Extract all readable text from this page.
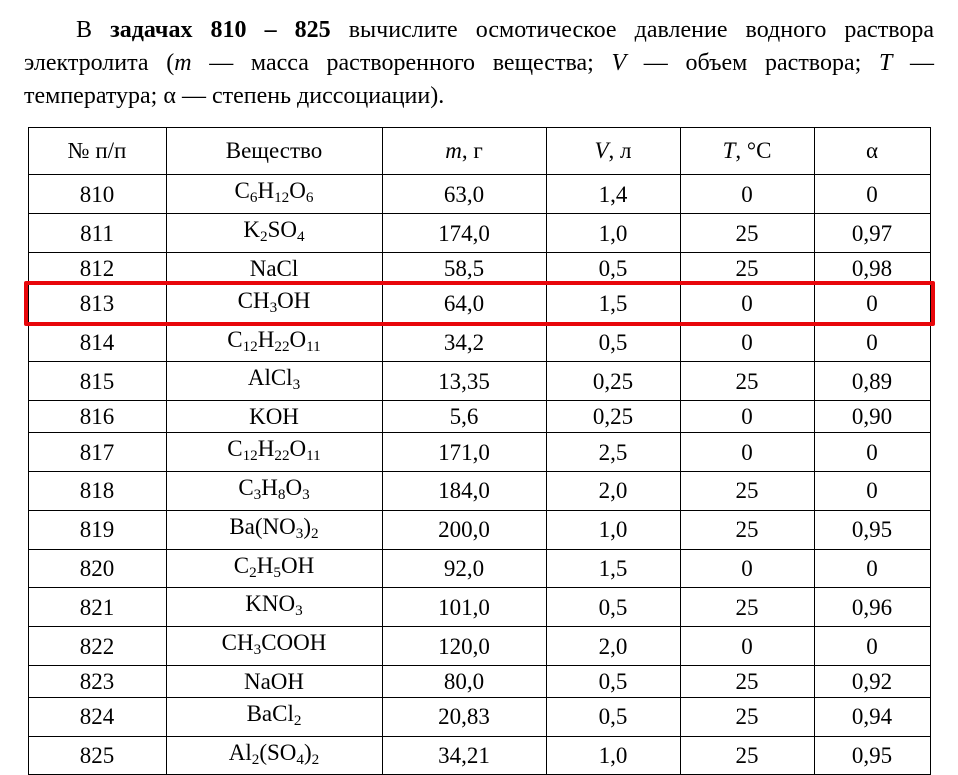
В задачах 810 – 825 вычислите осмотическое давление водного раствора электролита (m — масса растворенного вещества; V — объем раствора; T — температура; α — степень диссоциации).

№ п/п	Вещество	m, г	V, л	T, °C	α
810	$C_6H_{12}O_6$	63,0	1,4	0	0
811	$K_2SO_4$	174,0	1,0	25	0,97
812	NaCl	58,5	0,5	25	0,98
813	$CH_3OH$	64,0	1,5	0	0
814	$C_{12}H_{22}O_{11}$	34,2	0,5	0	0
815	AlCl$_3$	13,35	0,25	25	0,89
816	KOH	5,6	0,25	0	0,90
817	$C_{12}H_{22}O_{11}$	171,0	2,5	0	0
818	$C_3H_8O_3$	184,0	2,0	25	0
819	$Ba(NO_3)_2$	200,0	1,0	25	0,95
820	$C_2H_5OH$	92,0	1,5	0	0
821	$KNO_3$	101,0	0,5	25	0,96
822	$CH_3COOH$	120,0	2,0	0	0
823	NaOH	80,0	0,5	25	0,92
824	BaCl$_2$	20,83	0,5	25	0,94
825	$Al_2(SO_4)_2$	34,21	1,0	25	0,95
